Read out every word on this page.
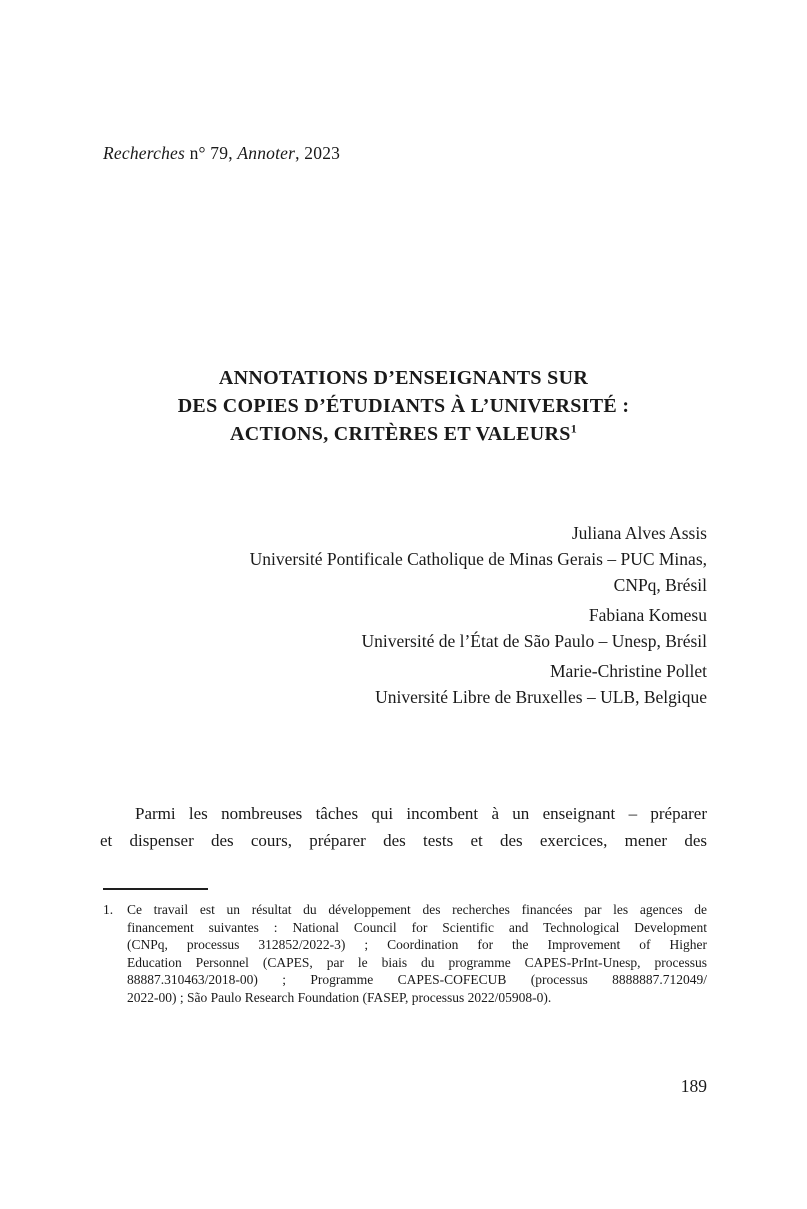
Recherches n° 79, Annoter, 2023
ANNOTATIONS D’ENSEIGNANTS SUR
DES COPIES D’ÉTUDIANTS À L’UNIVERSITÉ :
ACTIONS, CRITÈRES ET VALEURS$^1$
Juliana Alves Assis
Université Pontificale Catholique de Minas Gerais – PUC Minas,
CNPq, Brésil
Fabiana Komesu
Université de l’État de São Paulo – Unesp, Brésil
Marie-Christine Pollet
Université Libre de Bruxelles – ULB, Belgique
Parmi les nombreuses tâches qui incombent à un enseignant – préparer
et dispenser des cours, préparer des tests et des exercices, mener des
1. Ce travail est un résultat du développement des recherches financées par les agences de
financement suivantes : National Council for Scientific and Technological Development
(CNPq, processus 312852/2022-3) ; Coordination for the Improvement of Higher
Education Personnel (CAPES, par le biais du programme CAPES-PrInt-Unesp, processus
88887.310463/2018-00) ; Programme CAPES-COFECUB (processus 8888887.712049/
2022-00) ; São Paulo Research Foundation (FASEP, processus 2022/05908-0).
189
